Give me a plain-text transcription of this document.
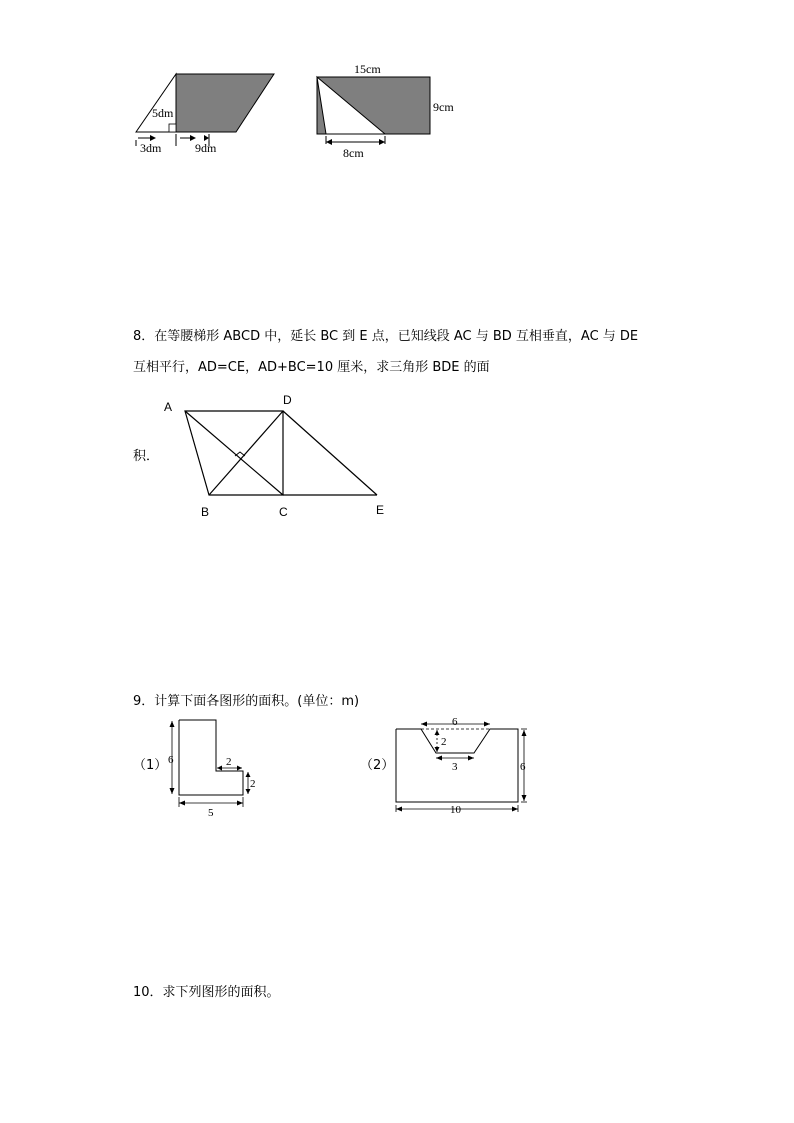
5dm
3dm	9dm
15cm
9cm
8cm
8．在等腰梯形 ABCD 中，延长 BC 到 E 点，已知线段 AC 与 BD 互相垂直，AC 与 DE
互相平行，AD=CE，AD+BC=10 厘米，求三角形 BDE 的面
积．
A	D
B	C	E
9．计算下面各图形的面积。(单位：m)
（1） 6	2
2
5
（2）
6
2
3	6
10
10．求下列图形的面积。
